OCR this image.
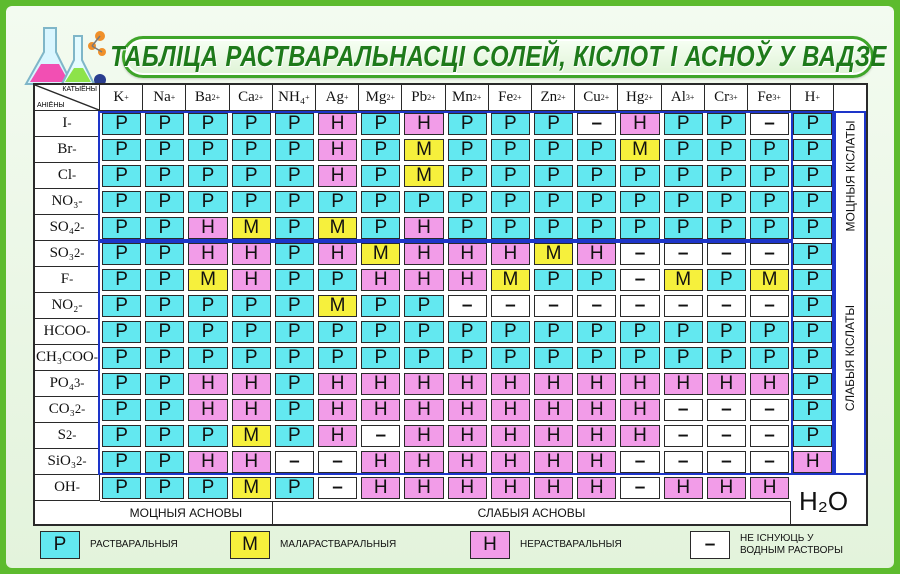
ТАБЛІЦА РАСТВАРАЛЬНАСЦІ СОЛЕЙ, КІСЛОТ І АСНОЎ У ВАДЗЕ
КАТЫЁНЫ
АНІЁНЫ
K + Na + Ba 2+ Ca 2+ NH₄ + Ag + Mg 2+ Pb 2+ Mn 2+ Fe 2+ Zn 2+ Cu 2+ Hg 2+ Al 3+ Cr 3+ Fe 3+ H +
I -	Р	Р	Р	Р	Р	Н	Р	Н	Р	Р	Р	–	Н	Р	Р	–	Р
Br -	Р	Р	Р	Р	Р	Н	Р	М	Р	Р	Р	Р	М	Р	Р	Р	Р
Cl -	Р	Р	Р	Р	Р	Н	Р	М	Р	Р	Р	Р	Р	Р	Р	Р	Р
NO₃ -	Р	Р	Р	Р	Р	Р	Р	Р	Р	Р	Р	Р	Р	Р	Р	Р	Р
SO₄ 2-	Р	Р	Н	М	Р	М	Р	Н	Р	Р	Р	Р	Р	Р	Р	Р	Р
SO₃ 2-	Р	Р	Н	Н	Р	Н	М	Н	Н	Н	М	Н	–	–	–	–	Р
F -	Р	Р	М	Н	Р	Р	Н	Н	Н	М	Р	Р	–	М	Р	М	Р
NO₂ -	Р	Р	Р	Р	Р	М	Р	Р	–	–	–	–	–	–	–	–	Р
HCOO -	Р	Р	Р	Р	Р	Р	Р	Р	Р	Р	Р	Р	Р	Р	Р	Р	Р
CH₃COO - Р	Р	Р	Р	Р	Р	Р	Р	Р	Р	Р	Р	Р	Р	Р	Р	Р
PO₄ 3-	Р	Р	Н	Н	Р	Н	Н	Н	Н	Н	Н	Н	Н	Н	Н	Н	Р
CO₃ 2-	Р	Р	Н	Н	Р	Н	Н	Н	Н	Н	Н	Н	Н	–	–	–	Р
S 2-	Р	Р	Р	М	Р	Н	–	Н	Н	Н	Н	Н	Н	–	–	–	Р
SiO₃ 2-	Р	Р	Н	Н	–	–	Н	Н	Н	Н	Н	Н	–	–	–	–	Н
OH -	Р	Р	Р	М	Р	–	Н	Н	Н	Н	Н	Н	–	Н	Н	Н
МОЦНЫЯ КІСЛАТЫ
СЛАБЫЯ КІСЛАТЫ
H₂O
МОЦНЫЯ АСНОВЫ	СЛАБЫЯ АСНОВЫ
Р	РАСТВАРАЛЬНЫЯ	М	МАЛАРАСТВАРАЛЬНЫЯ	Н	НЕРАСТВАРАЛЬНЫЯ	–	НЕ ІСНУЮЦЬ У
ВОДНЫМ РАСТВОРЫ
